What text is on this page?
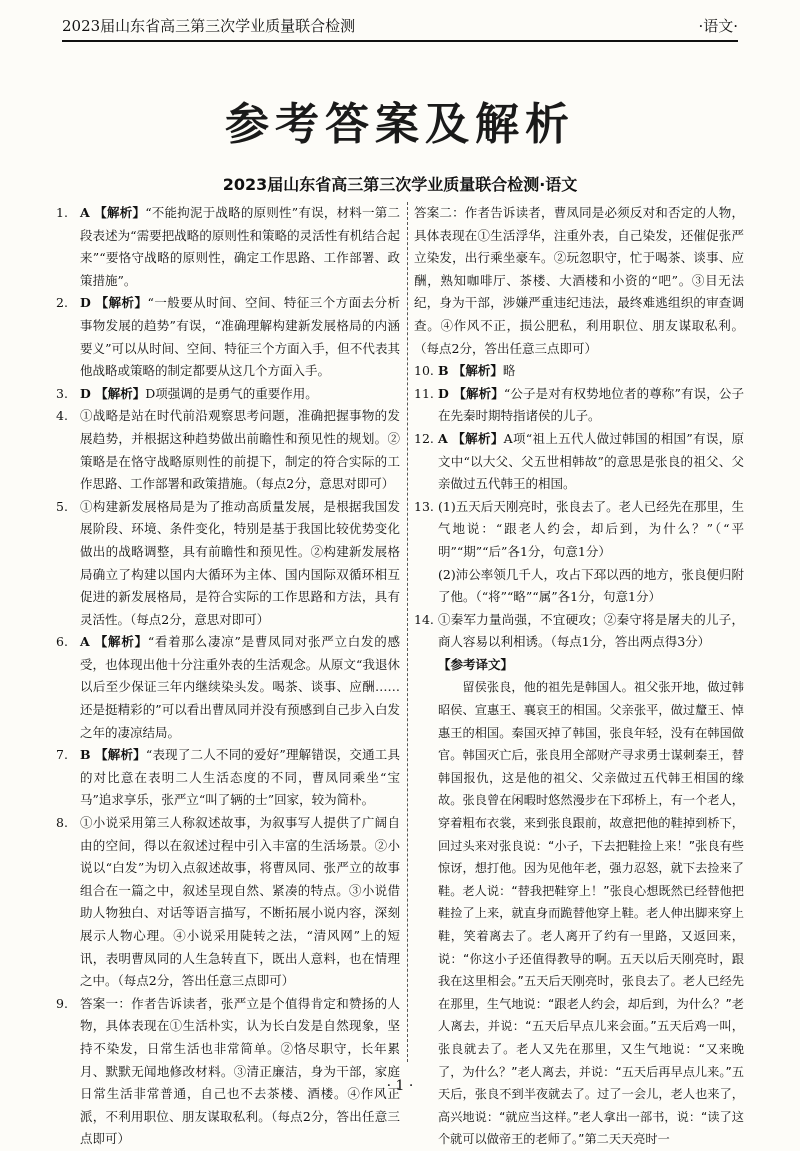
2023届山东省高三第三次学业质量联合检测	·语文·
参考答案及解析
2023届山东省高三第三次学业质量联合检测·语文
1. A 【解析】“不能拘泥于战略的原则性”有误，材料一第二段表述为“需要把战略的原则性和策略的灵活性有机结合起来”“要恪守战略的原则性，确定工作思路、工作部署、政策措施”。
2. D 【解析】“一般要从时间、空间、特征三个方面去分析事物发展的趋势”有误，“准确理解构建新发展格局的内涵要义”可以从时间、空间、特征三个方面入手，但不代表其他战略或策略的制定都要从这几个方面入手。
3. D 【解析】D项强调的是勇气的重要作用。
4. ①战略是站在时代前沿观察思考问题，准确把握事物的发展趋势，并根据这种趋势做出前瞻性和预见性的规划。②策略是在恪守战略原则性的前提下，制定的符合实际的工作思路、工作部署和政策措施。（每点2分，意思对即可）
5. ①构建新发展格局是为了推动高质量发展，是根据我国发展阶段、环境、条件变化，特别是基于我国比较优势变化做出的战略调整，具有前瞻性和预见性。②构建新发展格局确立了构建以国内大循环为主体、国内国际双循环相互促进的新发展格局，是符合实际的工作思路和方法，具有灵活性。（每点2分，意思对即可）
6. A 【解析】“看着那么凄凉”是曹凤同对张严立白发的感受，也体现出他十分注重外表的生活观念。从原文“我退休以后至少保证三年内继续染头发。喝茶、谈事、应酬……还是挺精彩的”可以看出曹凤同并没有预感到自己步入白发之年的凄凉结局。
7. B 【解析】“表现了二人不同的爱好”理解错误，交通工具的对比意在表明二人生活态度的不同，曹凤同乘坐“宝马”追求享乐，张严立“叫了辆的士”回家，较为简朴。
8. ①小说采用第三人称叙述故事，为叙事写人提供了广阔自由的空间，得以在叙述过程中引入丰富的生活场景。②小说以“白发”为切入点叙述故事，将曹凤同、张严立的故事组合在一篇之中，叙述呈现自然、紧凑的特点。③小说借助人物独白、对话等语言描写，不断拓展小说内容，深刻展示人物心理。④小说采用陡转之法，“清风网”上的短讯，表明曹凤同的人生急转直下，既出人意料，也在情理之中。（每点2分，答出任意三点即可）
9. 答案一：作者告诉读者，张严立是个值得肯定和赞扬的人物，具体表现在①生活朴实，认为长白发是自然现象，坚持不染发，日常生活也非常简单。②恪尽职守，长年累月、默默无闻地修改材料。③清正廉洁，身为干部，家庭日常生活非常普通，自己也不去茶楼、酒楼。④作风正派，不利用职位、朋友谋取私利。（每点2分，答出任意三点即可）

答案二：作者告诉读者，曹凤同是必须反对和否定的人物，具体表现在①生活浮华，注重外表，自己染发，还催促张严立染发，出行乘坐豪车。②玩忽职守，忙于喝茶、谈事、应酬，熟知咖啡厅、茶楼、大酒楼和小资的“吧”。③目无法纪，身为干部，涉嫌严重违纪违法，最终难逃组织的审查调查。④作风不正，损公肥私，利用职位、朋友谋取私利。（每点2分，答出任意三点即可）

10. B 【解析】略
11. D 【解析】“公子是对有权势地位者的尊称”有误，公子在先秦时期特指诸侯的儿子。
12. A 【解析】A项“祖上五代人做过韩国的相国”有误，原文中“以大父、父五世相韩故”的意思是张良的祖父、父亲做过五代韩王的相国。
13. (1)五天后天刚亮时，张良去了。老人已经先在那里，生气地说：“跟老人约会，却后到，为什么？”（“平明”“期”“后”各1分，句意1分）
(2)沛公率领几千人，攻占下邳以西的地方，张良便归附了他。（“将”“略”“属”各1分，句意1分）
14. ①秦军力量尚强，不宜硬攻；②秦守将是屠夫的儿子，商人容易以利相诱。（每点1分，答出两点得3分）

【参考译文】

留侯张良，他的祖先是韩国人。祖父张开地，做过韩昭侯、宣惠王、襄哀王的相国。父亲张平，做过釐王、悼惠王的相国。秦国灭掉了韩国，张良年轻，没有在韩国做官。韩国灭亡后，张良用全部财产寻求勇士谋刺秦王，替韩国报仇，这是他的祖父、父亲做过五代韩王相国的缘故。张良曾在闲暇时悠然漫步在下邳桥上，有一个老人，穿着粗布衣裳，来到张良跟前，故意把他的鞋掉到桥下，回过头来对张良说：“小子，下去把鞋捡上来！”张良有些惊讶，想打他。因为见他年老，强力忍怒，就下去捡来了鞋。老人说：“替我把鞋穿上！”张良心想既然已经替他把鞋捡了上来，就直身而跪替他穿上鞋。老人伸出脚来穿上鞋，笑着离去了。老人离开了约有一里路，又返回来，说：“你这小子还值得教导的啊。五天以后天刚亮时，跟我在这里相会。”五天后天刚亮时，张良去了。老人已经先在那里，生气地说：“跟老人约会，却后到，为什么？”老人离去，并说：“五天后早点儿来会面。”五天后鸡一叫，张良就去了。老人又先在那里，又生气地说：“又来晚了，为什么？”老人离去，并说：“五天后再早点儿来。”五天后，张良不到半夜就去了。过了一会儿，老人也来了，高兴地说：“就应当这样。”老人拿出一部书，说：“读了这个就可以做帝王的老师了。”第二天天亮时一

· 1 ·
